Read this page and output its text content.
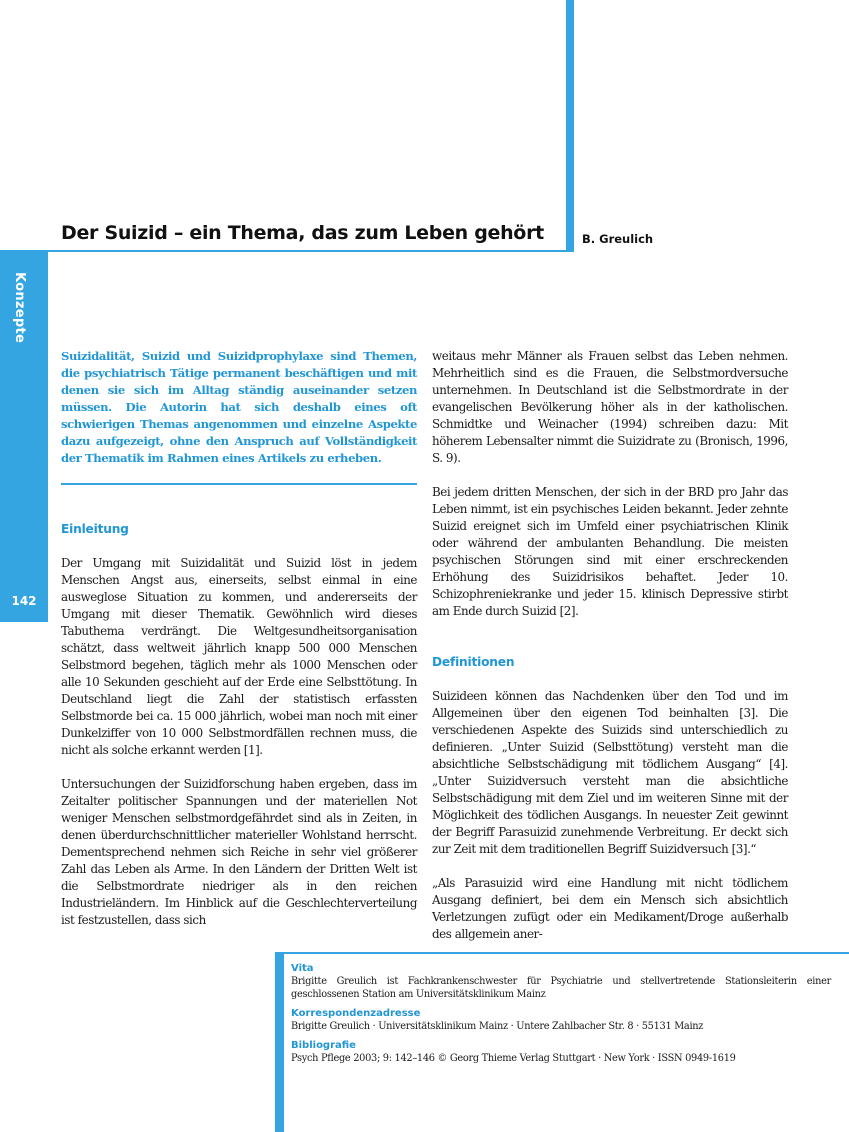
Der Suizid – ein Thema, das zum Leben gehört	B. Greulich
Konzepte
142

Suizidalität, Suizid und Suizidprophylaxe sind Themen, die psychiatrisch Tätige permanent beschäftigen und mit denen sie sich im Alltag ständig auseinander setzen müssen. Die Autorin hat sich deshalb eines oft schwierigen Themas angenommen und einzelne Aspekte dazu aufgezeigt, ohne den Anspruch auf Vollständigkeit der Thematik im Rahmen eines Artikels zu erheben.

Einleitung

Der Umgang mit Suizidalität und Suizid löst in jedem Menschen Angst aus, einerseits, selbst einmal in eine ausweglose Situation zu kommen, und andererseits der Umgang mit dieser Thematik. Gewöhnlich wird dieses Tabuthema verdrängt. Die Weltgesundheitsorganisation schätzt, dass weltweit jährlich knapp 500 000 Menschen Selbstmord begehen, täglich mehr als 1000 Menschen oder alle 10 Sekunden geschieht auf der Erde eine Selbsttötung. In Deutschland liegt die Zahl der statistisch erfassten Selbstmorde bei ca. 15 000 jährlich, wobei man noch mit einer Dunkelziffer von 10 000 Selbstmordfällen rechnen muss, die nicht als solche erkannt werden [1].

Untersuchungen der Suizidforschung haben ergeben, dass im Zeitalter politischer Spannungen und der materiellen Not weniger Menschen selbstmordgefährdet sind als in Zeiten, in denen überdurchschnittlicher materieller Wohlstand herrscht. Dementsprechend nehmen sich Reiche in sehr viel größerer Zahl das Leben als Arme. In den Ländern der Dritten Welt ist die Selbstmordrate niedriger als in den reichen Industrieländern. Im Hinblick auf die Geschlechterverteilung ist festzustellen, dass sich

weitaus mehr Männer als Frauen selbst das Leben nehmen. Mehrheitlich sind es die Frauen, die Selbstmordversuche unternehmen. In Deutschland ist die Selbstmordrate in der evangelischen Bevölkerung höher als in der katholischen. Schmidtke und Weinacher (1994) schreiben dazu: Mit höherem Lebensalter nimmt die Suizidrate zu (Bronisch, 1996, S. 9).

Bei jedem dritten Menschen, der sich in der BRD pro Jahr das Leben nimmt, ist ein psychisches Leiden bekannt. Jeder zehnte Suizid ereignet sich im Umfeld einer psychiatrischen Klinik oder während der ambulanten Behandlung. Die meisten psychischen Störungen sind mit einer erschreckenden Erhöhung des Suizidrisikos behaftet. Jeder 10. Schizophreniekranke und jeder 15. klinisch Depressive stirbt am Ende durch Suizid [2].

Definitionen

Suizideen können das Nachdenken über den Tod und im Allgemeinen über den eigenen Tod beinhalten [3]. Die verschiedenen Aspekte des Suizids sind unterschiedlich zu definieren. „Unter Suizid (Selbsttötung) versteht man die absichtliche Selbstschädigung mit tödlichem Ausgang“ [4]. „Unter Suizidversuch versteht man die absichtliche Selbstschädigung mit dem Ziel und im weiteren Sinne mit der Möglichkeit des tödlichen Ausgangs. In neuester Zeit gewinnt der Begriff Parasuizid zunehmende Verbreitung. Er deckt sich zur Zeit mit dem traditionellen Begriff Suizidversuch [3].“

„Als Parasuizid wird eine Handlung mit nicht tödlichem Ausgang definiert, bei dem ein Mensch sich absichtlich Verletzungen zufügt oder ein Medikament/Droge außerhalb des allgemein aner-

Vita

Brigitte Greulich ist Fachkrankenschwester für Psychiatrie und stellvertretende Stationsleiterin einer geschlossenen Station am Universitätsklinikum Mainz

Korrespondenzadresse

Brigitte Greulich · Universitätsklinikum Mainz · Untere Zahlbacher Str. 8 · 55131 Mainz

Bibliografie

Psych Pflege 2003; 9: 142–146 © Georg Thieme Verlag Stuttgart · New York · ISSN 0949-1619
